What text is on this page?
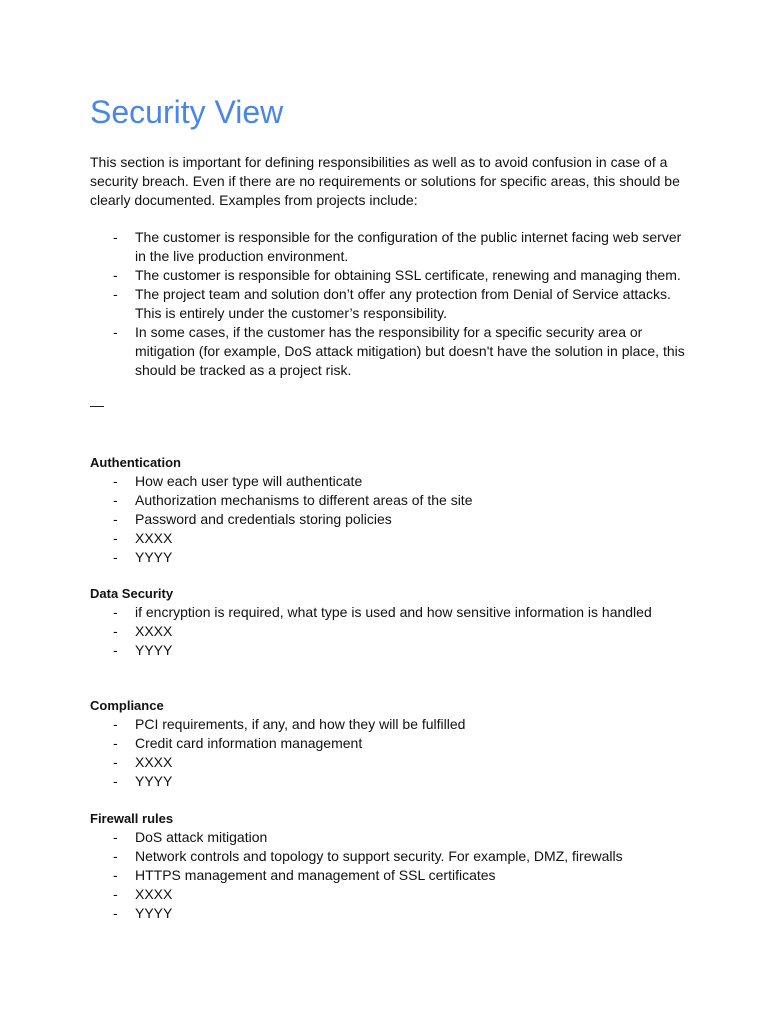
Security View

This section is important for defining responsibilities as well as to avoid confusion in case of a security breach. Even if there are no requirements or solutions for specific areas, this should be clearly documented. Examples from projects include:

- The customer is responsible for the configuration of the public internet facing web server in the live production environment.
- The customer is responsible for obtaining SSL certificate, renewing and managing them.
- The project team and solution don’t offer any protection from Denial of Service attacks. This is entirely under the customer’s responsibility.
- In some cases, if the customer has the responsibility for a specific security area or mitigation (for example, DoS attack mitigation) but doesn't have the solution in place, this should be tracked as a project risk.
—
Authentication
- How each user type will authenticate
- Authorization mechanisms to different areas of the site
- Password and credentials storing policies
- XXXX
- YYYY
Data Security
- if encryption is required, what type is used and how sensitive information is handled
- XXXX
- YYYY
Compliance
- PCI requirements, if any, and how they will be fulfilled
- Credit card information management
- XXXX
- YYYY
Firewall rules
- DoS attack mitigation
- Network controls and topology to support security. For example, DMZ, firewalls
- HTTPS management and management of SSL certificates
- XXXX
- YYYY
